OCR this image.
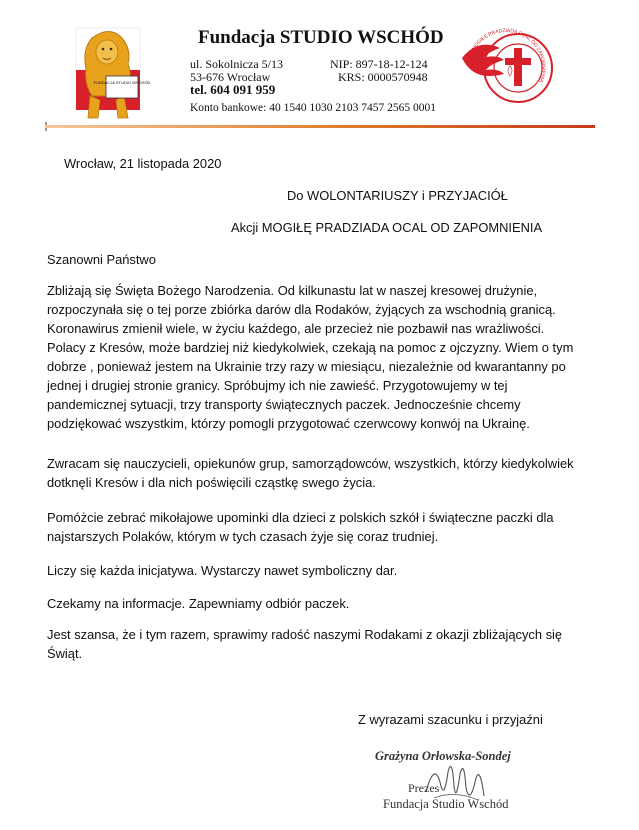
FUNDACJA STUDIO WSCHÓD
Fundacja STUDIO WSCHÓD
ul. Sokolnicza 5/13
53-676 Wrocław
tel. 604 091 959
NIP: 897-18-12-124
KRS: 0000570948
Konto bankowe: 40 1540 1030 2103 7457 2565 0001
MOGIŁĘ PRADZIADA OCAL OD ZAPOMNIENIA
Wrocław, 21 listopada 2020
Do WOLONTARIUSZY i PRZYJACIÓŁ
Akcji MOGIŁĘ PRADZIADA OCAL OD ZAPOMNIENIA
Szanowni Państwo
Zbliżają się Święta Bożego Narodzenia. Od kilkunastu lat w naszej kresowej drużynie,
rozpoczynała się o tej porze zbiórka darów dla Rodaków, żyjących za wschodnią granicą.
Koronawirus zmienił wiele, w życiu każdego, ale przecież nie pozbawił nas wrażliwości.
Polacy z Kresów, może bardziej niż kiedykolwiek, czekają na pomoc z ojczyzny. Wiem o tym
dobrze , ponieważ jestem na Ukrainie trzy razy w miesiącu, niezależnie od kwarantanny po
jednej i drugiej stronie granicy. Spróbujmy ich nie zawieść. Przygotowujemy w tej
pandemicznej sytuacji, trzy transporty świątecznych paczek. Jednocześnie chcemy
podziękować wszystkim, którzy pomogli przygotować czerwcowy konwój na Ukrainę.
Zwracam się nauczycieli, opiekunów grup, samorządowców, wszystkich, którzy kiedykolwiek
dotknęli Kresów i dla nich poświęcili cząstkę swego życia.
Pomóżcie zebrać mikołajowe upominki dla dzieci z polskich szkół i świąteczne paczki dla
najstarszych Polaków, którym w tych czasach żyje się coraz trudniej.
Liczy się każda inicjatywa. Wystarczy nawet symboliczny dar.
Czekamy na informacje. Zapewniamy odbiór paczek.
Jest szansa, że i tym razem, sprawimy radość naszymi Rodakami z okazji zbliżających się
Świąt.
Z wyrazami szacunku i przyjaźni
Grażyna Orłowska-Sondej
Prezes
Fundacja Studio Wschód
